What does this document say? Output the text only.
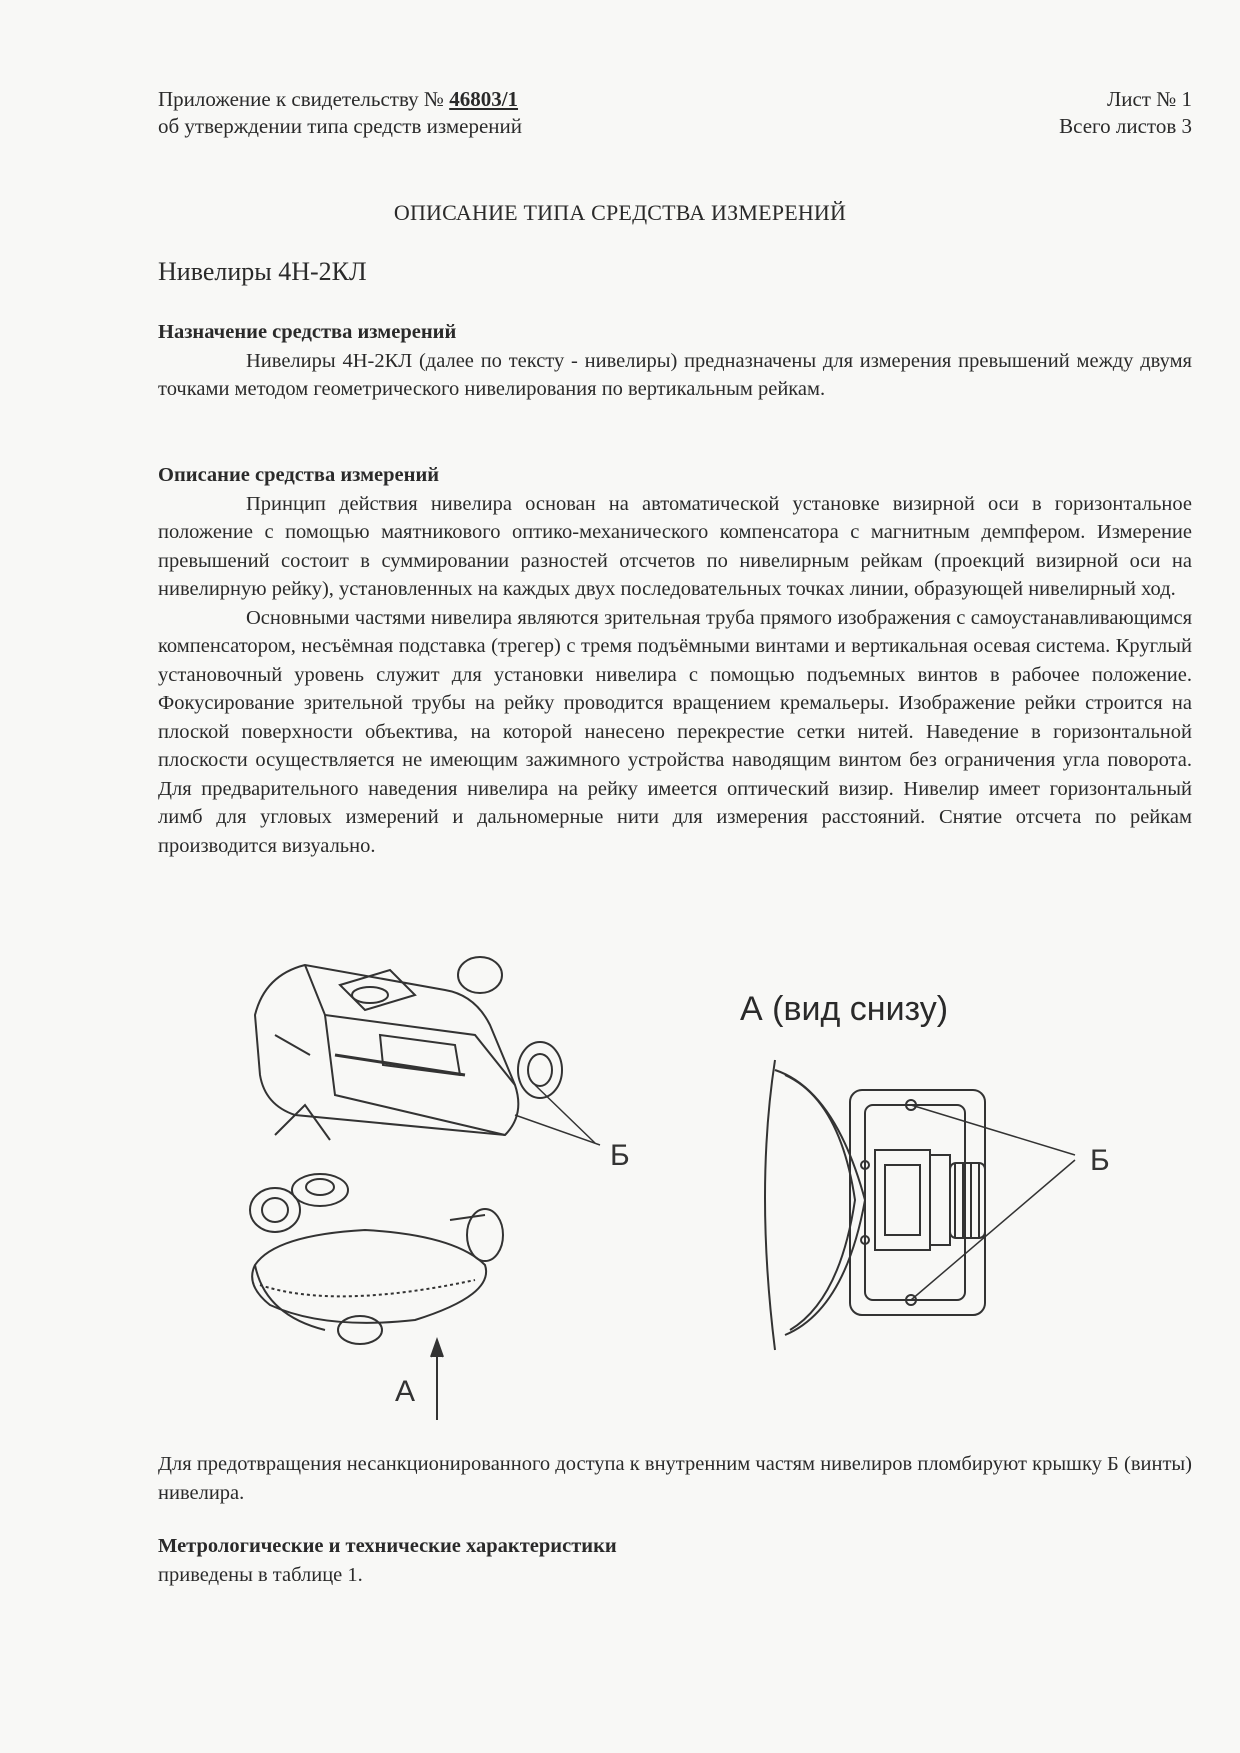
Приложение к свидетельству № 46803/1
об утверждении типа средств измерений
Лист № 1
Всего листов 3
ОПИСАНИЕ ТИПА СРЕДСТВА ИЗМЕРЕНИЙ
Нивелиры 4Н-2КЛ
Назначение средства измерений

Нивелиры 4Н-2КЛ (далее по тексту - нивелиры) предназначены для измерения превышений между двумя точками методом геометрического нивелирования по вертикальным рейкам.

Описание средства измерений

Принцип действия нивелира основан на автоматической установке визирной оси в горизонтальное положение с помощью маятникового оптико-механического компенсатора с магнитным демпфером. Измерение превышений состоит в суммировании разностей отсчетов по нивелирным рейкам (проекций визирной оси на нивелирную рейку), установленных на каждых двух последовательных точках линии, образующей нивелирный ход.

Основными частями нивелира являются зрительная труба прямого изображения с самоустанавливающимся компенсатором, несъёмная подставка (трегер) с тремя подъёмными винтами и вертикальная осевая система. Круглый установочный уровень служит для установки нивелира с помощью подъемных винтов в рабочее положение. Фокусирование зрительной трубы на рейку проводится вращением кремальеры. Изображение рейки строится на плоской поверхности объектива, на которой нанесено перекрестие сетки нитей. Наведение в горизонтальной плоскости осуществляется не имеющим зажимного устройства наводящим винтом без ограничения угла поворота. Для предварительного наведения нивелира на рейку имеется оптический визир. Нивелир имеет горизонтальный лимб для угловых измерений и дальномерные нити для измерения расстояний. Снятие отсчета по рейкам производится визуально.

Б
А
А (вид снизу)
Б

Для предотвращения несанкционированного доступа к внутренним частям нивелиров пломбируют крышку Б (винты) нивелира.

Метрологические и технические характеристики

приведены в таблице 1.
